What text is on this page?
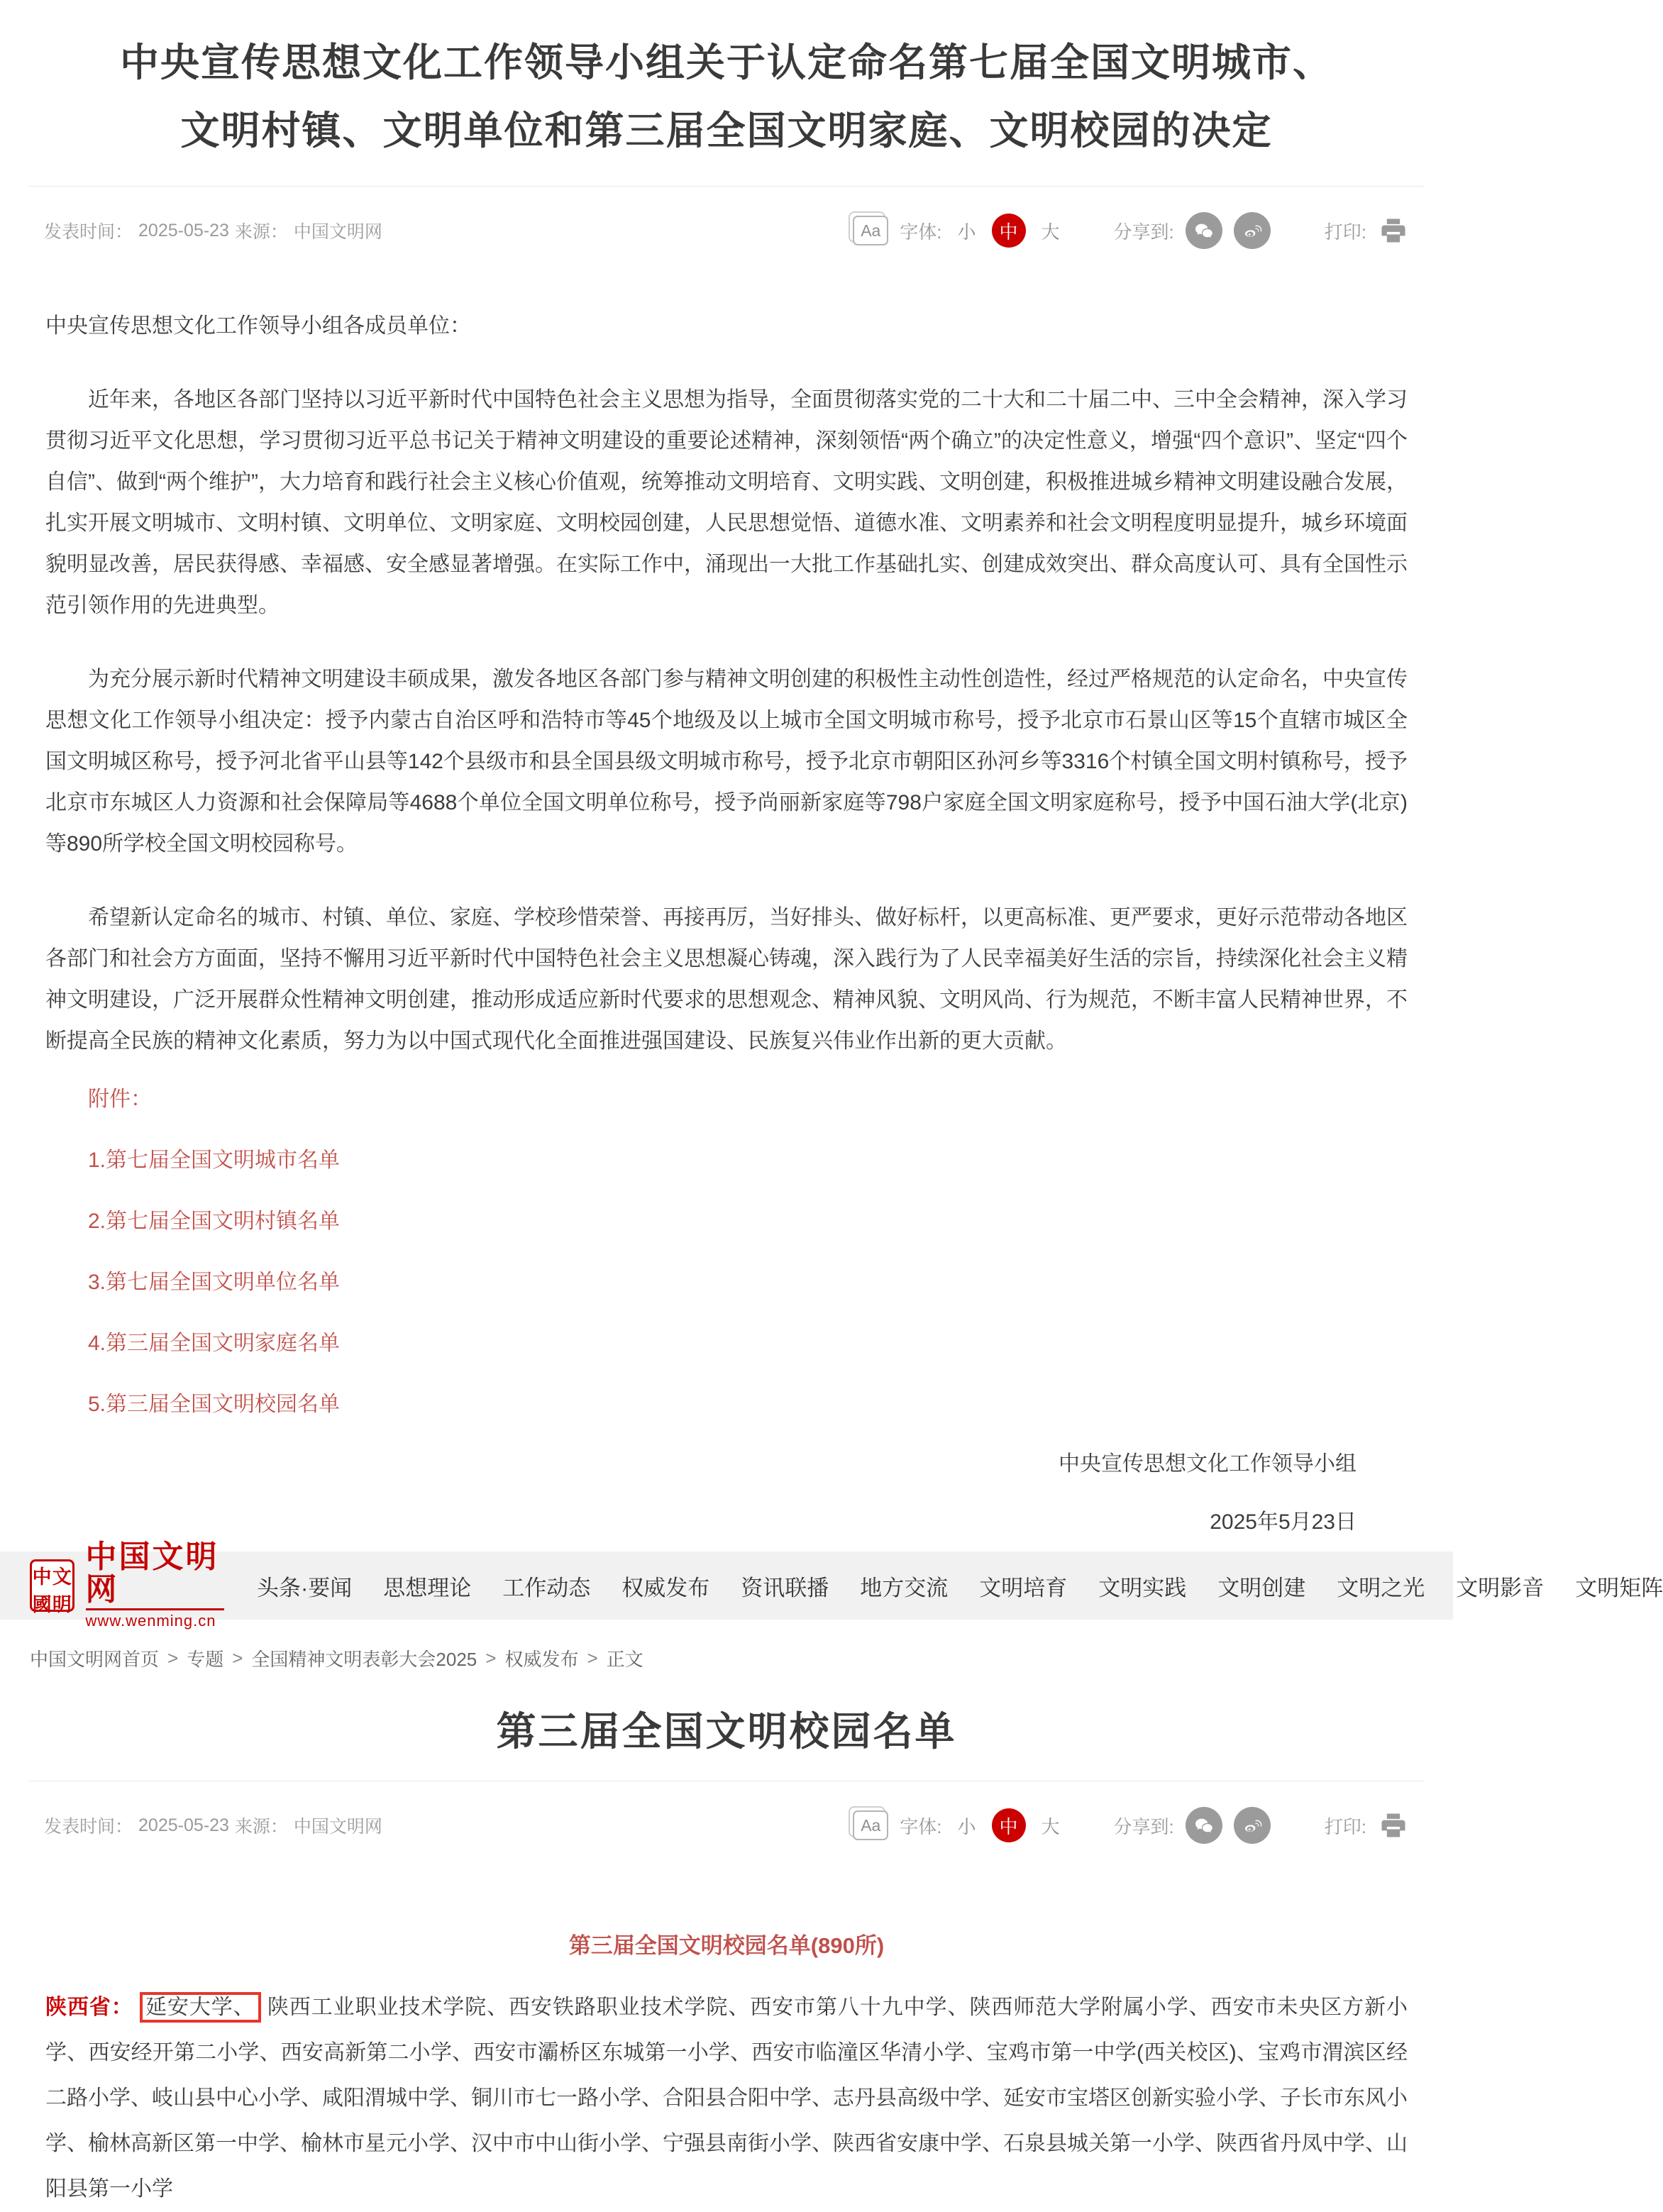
中央宣传思想文化工作领导小组关于认定命名第七届全国文明城市、
文明村镇、文明单位和第三届全国文明家庭、文明校园的决定
发表时间： 2025-05-23 来源： 中国文明网	Aa	字体: 小	中	大	分享到:	打印:

中央宣传思想文化工作领导小组各成员单位：

近年来，各地区各部门坚持以习近平新时代中国特色社会主义思想为指导，全面贯彻落实党的二十大和二十届二中、三中全会精神，深入学习贯彻习近平文化思想，学习贯彻习近平总书记关于精神文明建设的重要论述精神，深刻领悟“两个确立”的决定性意义，增强“四个意识”、坚定“四个自信”、做到“两个维护”，大力培育和践行社会主义核心价值观，统筹推动文明培育、文明实践、文明创建，积极推进城乡精神文明建设融合发展，扎实开展文明城市、文明村镇、文明单位、文明家庭、文明校园创建，人民思想觉悟、道德水准、文明素养和社会文明程度明显提升，城乡环境面貌明显改善，居民获得感、幸福感、安全感显著增强。在实际工作中，涌现出一大批工作基础扎实、创建成效突出、群众高度认可、具有全国性示范引领作用的先进典型。

为充分展示新时代精神文明建设丰硕成果，激发各地区各部门参与精神文明创建的积极性主动性创造性，经过严格规范的认定命名，中央宣传思想文化工作领导小组决定：授予内蒙古自治区呼和浩特市等45个地级及以上城市全国文明城市称号，授予北京市石景山区等15个直辖市城区全国文明城区称号，授予河北省平山县等142个县级市和县全国县级文明城市称号，授予北京市朝阳区孙河乡等3316个村镇全国文明村镇称号，授予北京市东城区人力资源和社会保障局等4688个单位全国文明单位称号，授予尚丽新家庭等798户家庭全国文明家庭称号，授予中国石油大学(北京)等890所学校全国文明校园称号。

希望新认定命名的城市、村镇、单位、家庭、学校珍惜荣誉、再接再厉，当好排头、做好标杆，以更高标准、更严要求，更好示范带动各地区各部门和社会方方面面，坚持不懈用习近平新时代中国特色社会主义思想凝心铸魂，深入践行为了人民幸福美好生活的宗旨，持续深化社会主义精神文明建设，广泛开展群众性精神文明创建，推动形成适应新时代要求的思想观念、精神风貌、文明风尚、行为规范，不断丰富人民精神世界，不断提高全民族的精神文化素质，努力为以中国式现代化全面推进强国建设、民族复兴伟业作出新的更大贡献。

附件：

1.第七届全国文明城市名单

2.第七届全国文明村镇名单

3.第七届全国文明单位名单

4.第三届全国文明家庭名单

5.第三届全国文明校园名单

中央宣传思想文化工作领导小组

2025年5月23日

中 文
國 明
中国文明网
www.wenming.cn
头条·要闻 思想理论 工作动态 权威发布 资讯联播 地方交流 文明培育 文明实践 文明创建 文明之光 文明影音 文明矩阵
中国文明网首页 > 专题 > 全国精神文明表彰大会2025 > 权威发布 > 正文
第三届全国文明校园名单
发表时间： 2025-05-23 来源： 中国文明网	Aa	字体: 小	中	大	分享到:	打印:

第三届全国文明校园名单(890所)

陕西省： 延安大学、 陕西工业职业技术学院、西安铁路职业技术学院、西安市第八十九中学、陕西师范大学附属小学、西安市未央区方新小学、西安经开第二小学、西安高新第二小学、西安市灞桥区东城第一小学、西安市临潼区华清小学、宝鸡市第一中学(西关校区)、宝鸡市渭滨区经二路小学、岐山县中心小学、咸阳渭城中学、铜川市七一路小学、合阳县合阳中学、志丹县高级中学、延安市宝塔区创新实验小学、子长市东风小学、榆林高新区第一中学、榆林市星元小学、汉中市中山街小学、宁强县南街小学、陕西省安康中学、石泉县城关第一小学、陕西省丹凤中学、山阳县第一小学
